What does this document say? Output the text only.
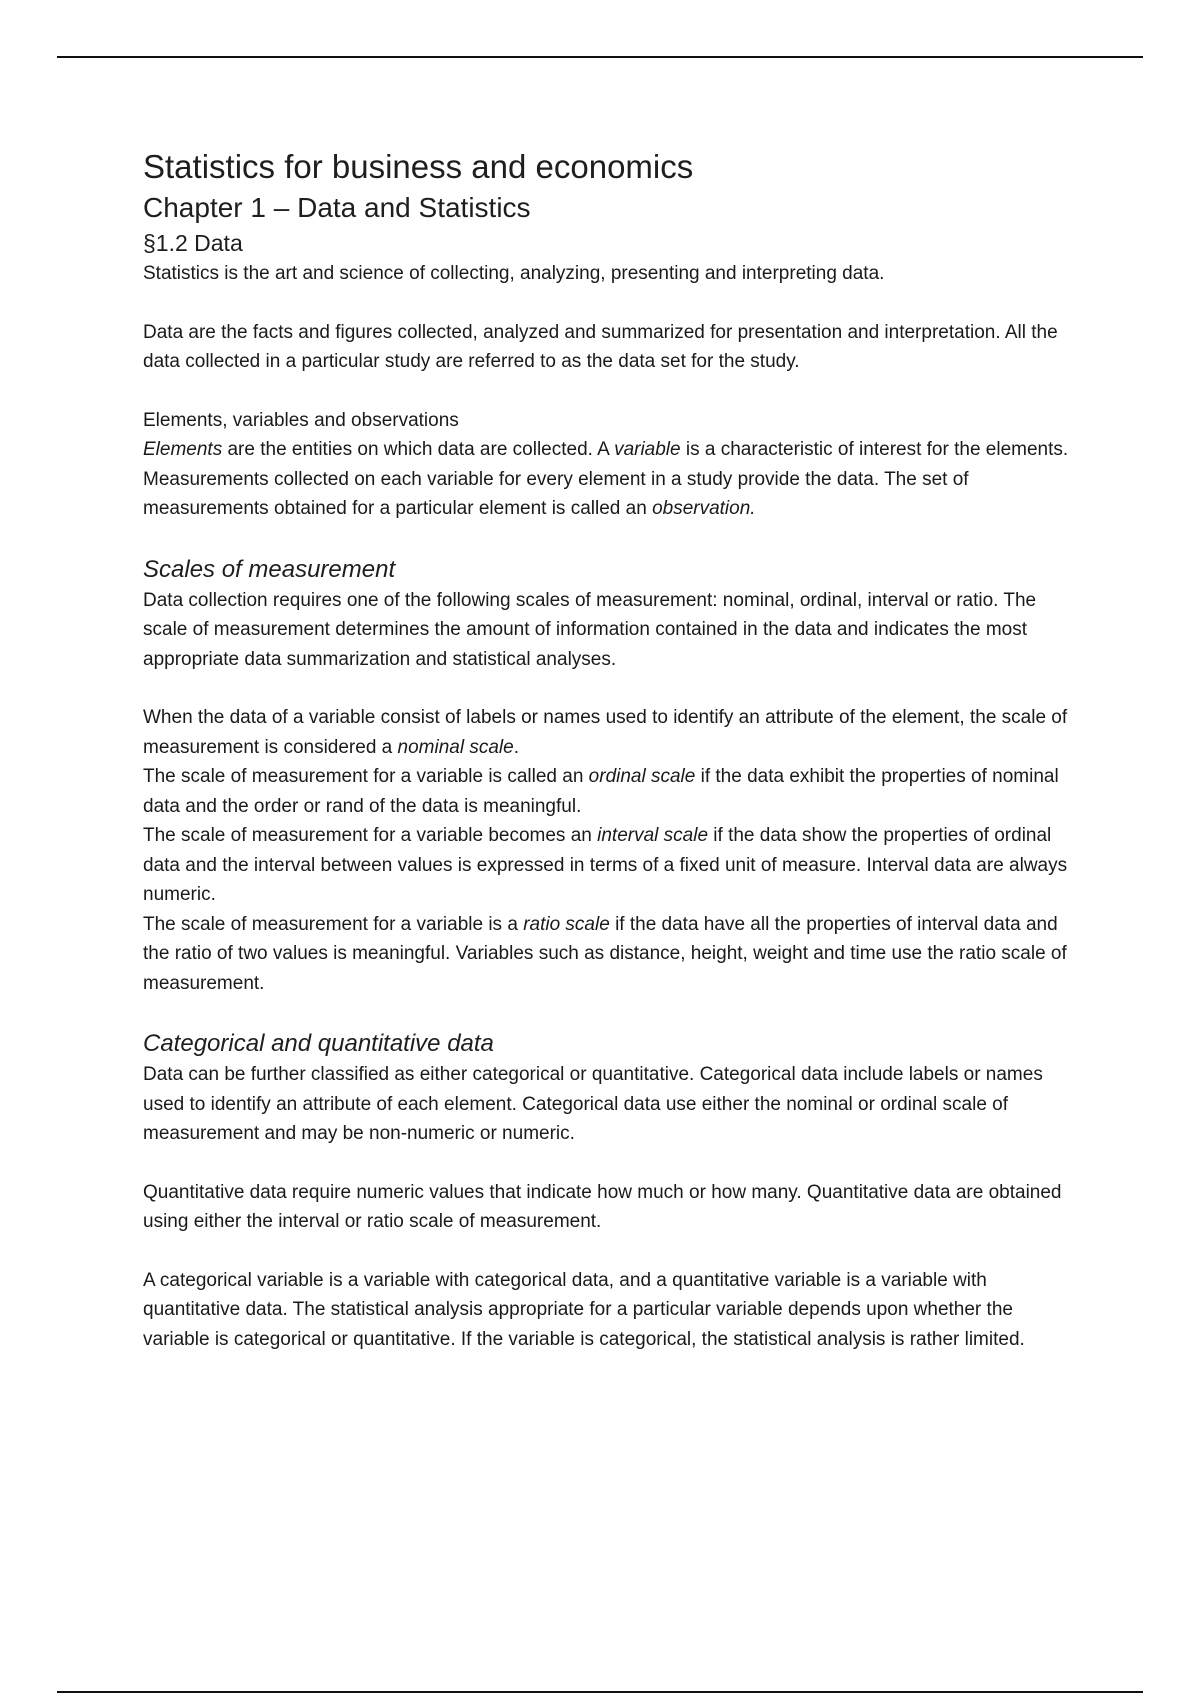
Statistics for business and economics
Chapter 1 – Data and Statistics
§1.2 Data

Statistics is the art and science of collecting, analyzing, presenting and interpreting data.

Data are the facts and figures collected, analyzed and summarized for presentation and interpretation. All the data collected in a particular study are referred to as the data set for the study.

Elements, variables and observations

Elements are the entities on which data are collected. A variable is a characteristic of interest for the elements. Measurements collected on each variable for every element in a study provide the data. The set of measurements obtained for a particular element is called an observation.

Scales of measurement

Data collection requires one of the following scales of measurement: nominal, ordinal, interval or ratio. The scale of measurement determines the amount of information contained in the data and indicates the most appropriate data summarization and statistical analyses.

When the data of a variable consist of labels or names used to identify an attribute of the element, the scale of measurement is considered a nominal scale.

The scale of measurement for a variable is called an ordinal scale if the data exhibit the properties of nominal data and the order or rand of the data is meaningful.

The scale of measurement for a variable becomes an interval scale if the data show the properties of ordinal data and the interval between values is expressed in terms of a fixed unit of measure. Interval data are always numeric.

The scale of measurement for a variable is a ratio scale if the data have all the properties of interval data and the ratio of two values is meaningful. Variables such as distance, height, weight and time use the ratio scale of measurement.

Categorical and quantitative data

Data can be further classified as either categorical or quantitative. Categorical data include labels or names used to identify an attribute of each element. Categorical data use either the nominal or ordinal scale of measurement and may be non-numeric or numeric.

Quantitative data require numeric values that indicate how much or how many. Quantitative data are obtained using either the interval or ratio scale of measurement.

A categorical variable is a variable with categorical data, and a quantitative variable is a variable with quantitative data. The statistical analysis appropriate for a particular variable depends upon whether the variable is categorical or quantitative. If the variable is categorical, the statistical analysis is rather limited.
